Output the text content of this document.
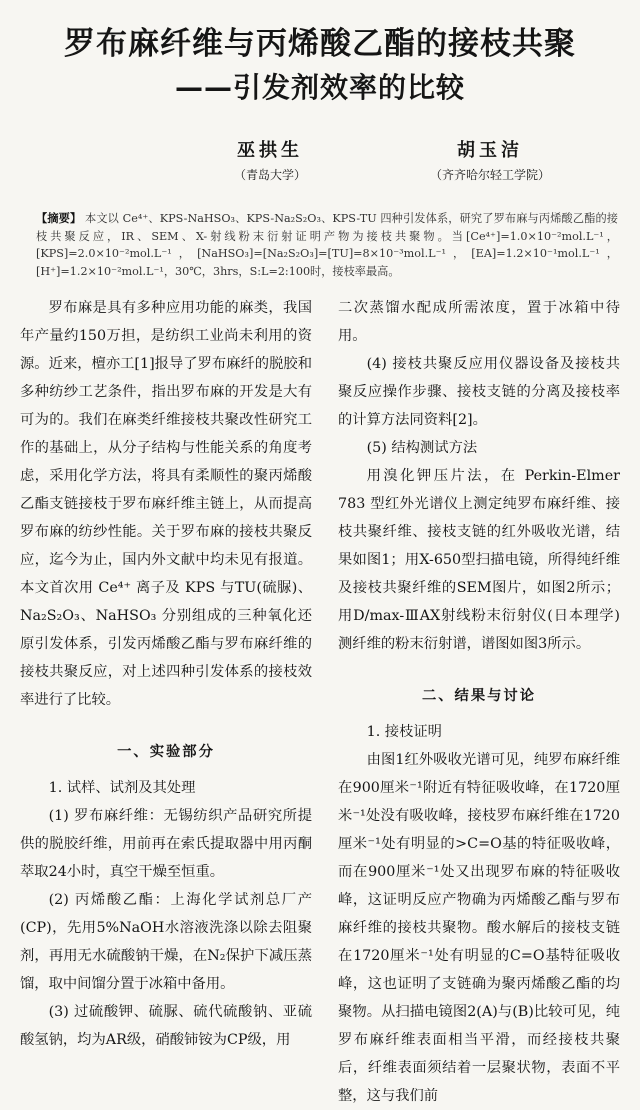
罗布麻纤维与丙烯酸乙酯的接枝共聚
——引发剂效率的比较
巫拱生
（青岛大学）
胡玉洁
（齐齐哈尔轻工学院）
【摘要】 本文以 Ce⁴⁺、KPS-NaHSO₃、KPS-Na₂S₂O₃、KPS-TU 四种引发体系，研究了罗布麻与丙烯酸乙酯的接枝共聚反应，IR、SEM、X-射线粉末衍射证明产物为接枝共聚物。当[Ce⁴⁺]=1.0×10⁻²mol.L⁻¹，[KPS]=2.0×10⁻²mol.L⁻¹，[NaHSO₃]=[Na₂S₂O₃]=[TU]=8×10⁻³mol.L⁻¹，[EA]=1.2×10⁻¹mol.L⁻¹，[H⁺]=1.2×10⁻²mol.L⁻¹，30℃，3hrs，S:L=2:100时，接枝率最高。

罗布麻是具有多种应用功能的麻类，我国年产量约150万担，是纺织工业尚未利用的资源。近来，檀亦工[1]报导了罗布麻纤的脱胶和多种纺纱工艺条件，指出罗布麻的开发是大有可为的。我们在麻类纤维接枝共聚改性研究工作的基础上，从分子结构与性能关系的角度考虑，采用化学方法，将具有柔顺性的聚丙烯酸乙酯支链接枝于罗布麻纤维主链上，从而提高罗布麻的纺纱性能。关于罗布麻的接枝共聚反应，迄今为止，国内外文献中均未见有报道。本文首次用 Ce⁴⁺ 离子及 KPS 与TU(硫脲)、Na₂S₂O₃、NaHSO₃ 分别组成的三种氧化还原引发体系，引发丙烯酸乙酯与罗布麻纤维的接枝共聚反应，对上述四种引发体系的接枝效率进行了比较。

一、实验部分

1. 试样、试剂及其处理

(1) 罗布麻纤维：无锡纺织产品研究所提供的脱胶纤维，用前再在索氏提取器中用丙酮萃取24小时，真空干燥至恒重。

(2) 丙烯酸乙酯：上海化学试剂总厂产(CP)，先用5%NaOH水溶液洗涤以除去阻聚剂，再用无水硫酸钠干燥，在N₂保护下减压蒸馏，取中间馏分置于冰箱中备用。

(3) 过硫酸钾、硫脲、硫代硫酸钠、亚硫酸氢钠，均为AR级，硝酸铈铵为CP级，用

二次蒸馏水配成所需浓度，置于冰箱中待用。

(4) 接枝共聚反应用仪器设备及接枝共聚反应操作步骤、接枝支链的分离及接枝率的计算方法同资料[2]。

(5) 结构测试方法

用溴化钾压片法，在 Perkin-Elmer 783 型红外光谱仪上测定纯罗布麻纤维、接枝共聚纤维、接枝支链的红外吸收光谱，结果如图1；用X-650型扫描电镜，所得纯纤维及接枝共聚纤维的SEM图片，如图2所示；用D/max-ⅢAX射线粉末衍射仪(日本理学)测纤维的粉末衍射谱，谱图如图3所示。

二、结果与讨论

1. 接枝证明

由图1红外吸收光谱可见，纯罗布麻纤维在900厘米⁻¹附近有特征吸收峰，在1720厘米⁻¹处没有吸收峰，接枝罗布麻纤维在1720厘米⁻¹处有明显的>C=O基的特征吸收峰，而在900厘米⁻¹处又出现罗布麻的特征吸收峰，这证明反应产物确为丙烯酸乙酯与罗布麻纤维的接枝共聚物。酸水解后的接枝支链在1720厘米⁻¹处有明显的C=O基特征吸收峰，这也证明了支链确为聚丙烯酸乙酯的均聚物。从扫描电镜图2(A)与(B)比较可见，纯罗布麻纤维表面相当平滑，而经接枝共聚后，纤维表面须结着一层聚状物，表面不平整，这与我们前
